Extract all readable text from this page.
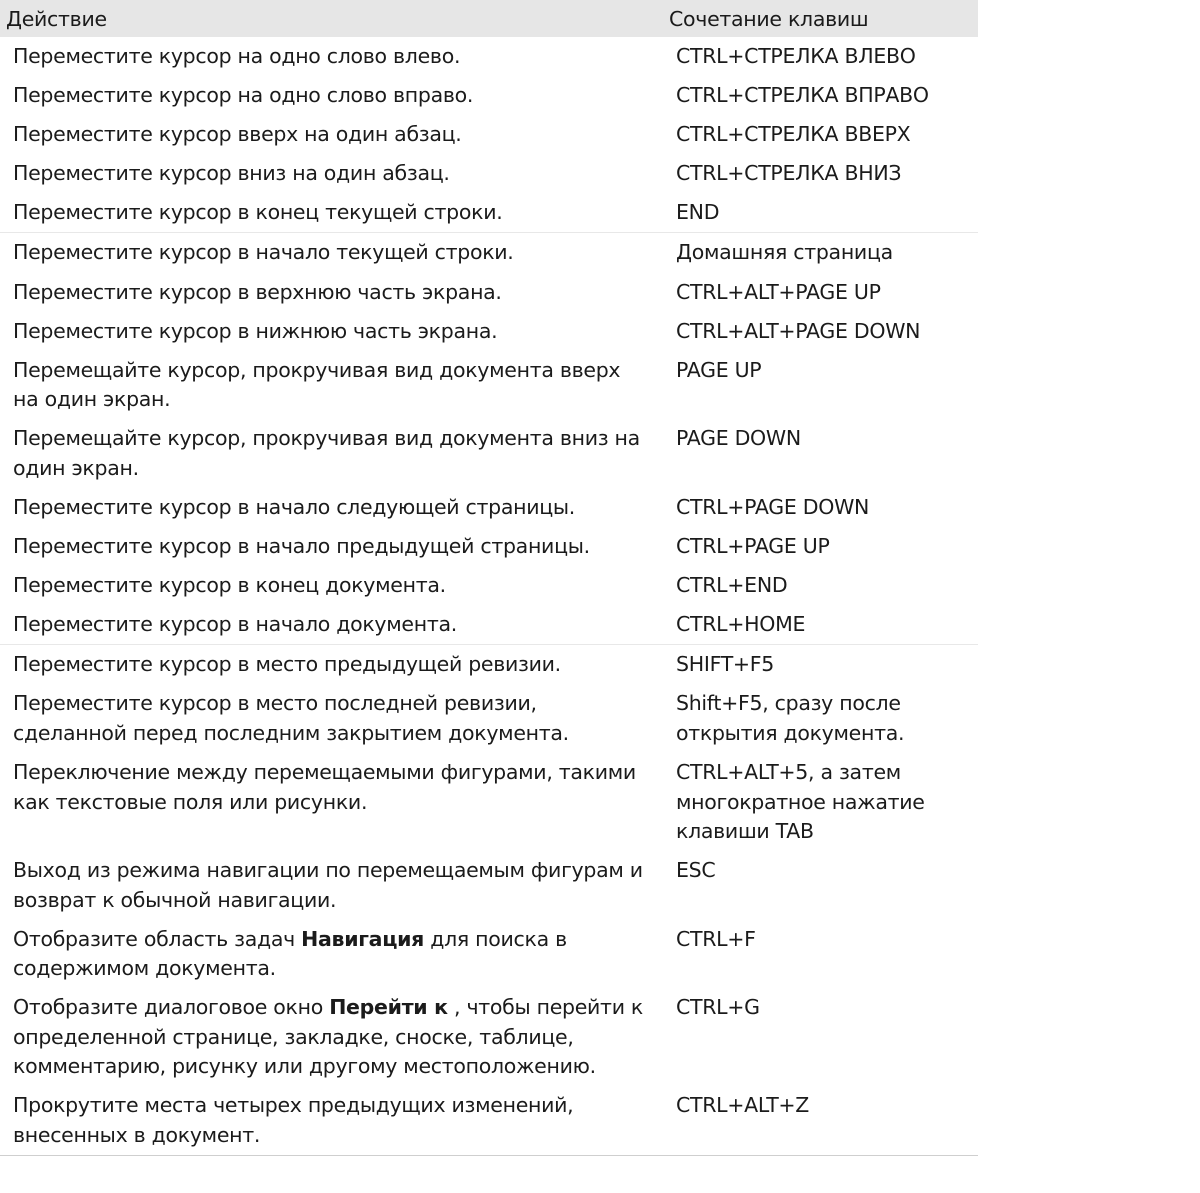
Действие	Сочетание клавиш
Переместите курсор на одно слово влево.	CTRL+СТРЕЛКА ВЛЕВО
Переместите курсор на одно слово вправо.	CTRL+СТРЕЛКА ВПРАВО
Переместите курсор вверх на один абзац.	CTRL+СТРЕЛКА ВВЕРХ
Переместите курсор вниз на один абзац.	CTRL+СТРЕЛКА ВНИЗ
Переместите курсор в конец текущей строки.	END
Переместите курсор в начало текущей строки.	Домашняя страница
Переместите курсор в верхнюю часть экрана.	CTRL+ALT+PAGE UP
Переместите курсор в нижнюю часть экрана.	CTRL+ALT+PAGE DOWN
Перемещайте курсор, прокручивая вид документа вверх на один экран.	PAGE UP
Перемещайте курсор, прокручивая вид документа вниз на один экран.	PAGE DOWN
Переместите курсор в начало следующей страницы.	CTRL+PAGE DOWN
Переместите курсор в начало предыдущей страницы.	CTRL+PAGE UP
Переместите курсор в конец документа.	CTRL+END
Переместите курсор в начало документа.	CTRL+HOME
Переместите курсор в место предыдущей ревизии.	SHIFT+F5
Переместите курсор в место последней ревизии, сделанной перед последним закрытием документа.	Shift+F5, сразу после открытия документа.
Переключение между перемещаемыми фигурами, такими как текстовые поля или рисунки.	CTRL+ALT+5, а затем многократное нажатие клавиши TAB
Выход из режима навигации по перемещаемым фигурам и возврат к обычной навигации.	ESC
Отобразите область задач Навигация для поиска в содержимом документа.	CTRL+F
Отобразите диалоговое окно Перейти к , чтобы перейти к определенной странице, закладке, сноске, таблице, комментарию, рисунку или другому местоположению.	CTRL+G
Прокрутите места четырех предыдущих изменений, внесенных в документ.	CTRL+ALT+Z
